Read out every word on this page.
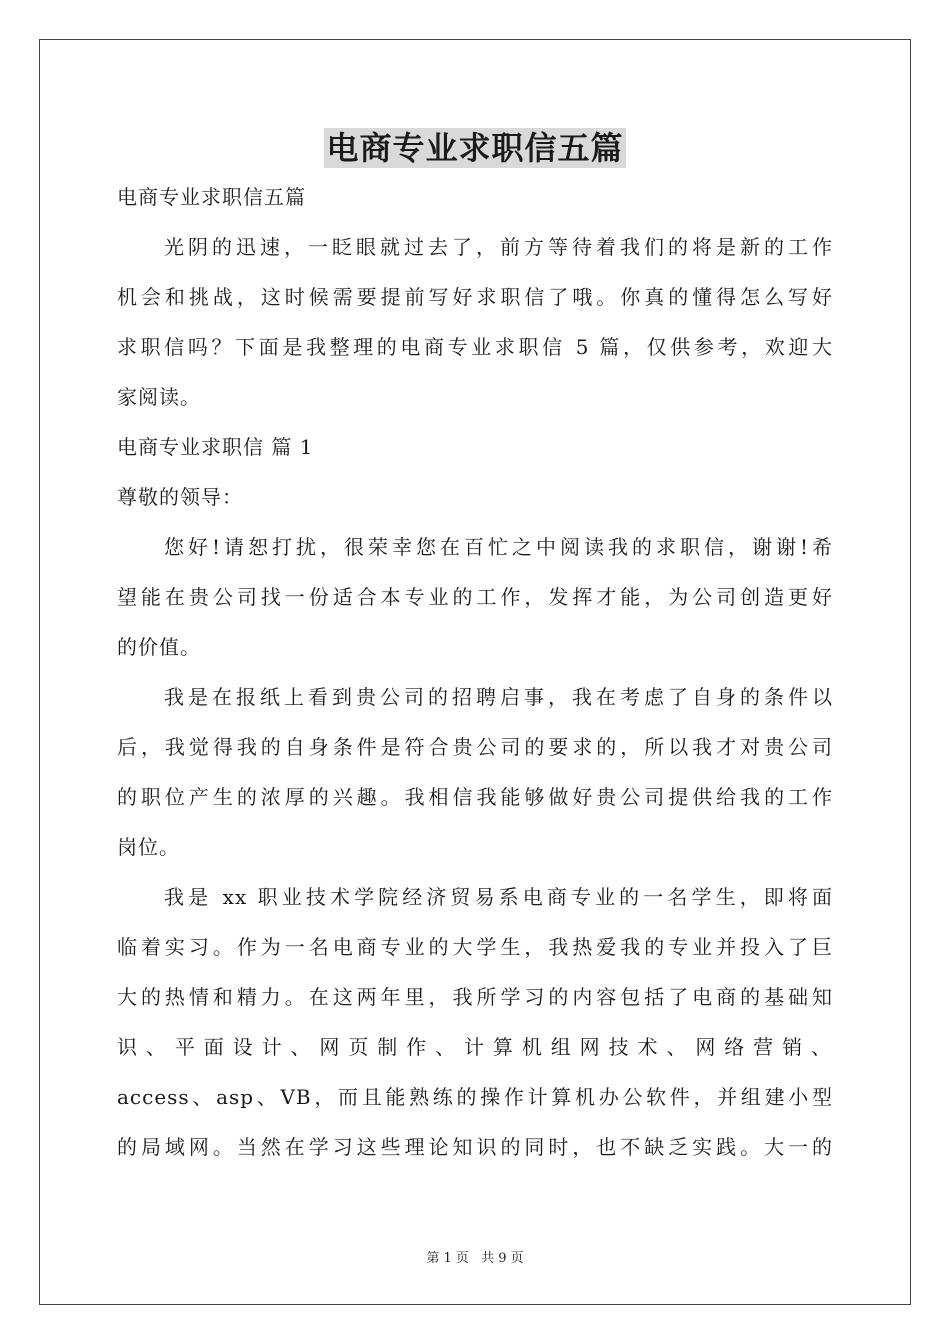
电商专业求职信五篇
电商专业求职信五篇
光阴的迅速，一眨眼就过去了，前方等待着我们的将是新的工作
机会和挑战，这时候需要提前写好求职信了哦。你真的懂得怎么写好
求职信吗？下面是我整理的电商专业求职信 5 篇，仅供参考，欢迎大
家阅读。
电商专业求职信 篇 1
尊敬的领导：
您好!请恕打扰，很荣幸您在百忙之中阅读我的求职信，谢谢!希
望能在贵公司找一份适合本专业的工作，发挥才能，为公司创造更好
的价值。
我是在报纸上看到贵公司的招聘启事，我在考虑了自身的条件以
后，我觉得我的自身条件是符合贵公司的要求的，所以我才对贵公司
的职位产生的浓厚的兴趣。我相信我能够做好贵公司提供给我的工作
岗位。
我是 xx 职业技术学院经济贸易系电商专业的一名学生，即将面
临着实习。作为一名电商专业的大学生，我热爱我的专业并投入了巨
大的热情和精力。在这两年里，我所学习的内容包括了电商的基础知
识、平面设计、网页制作、计算机组网技术、网络营销、
access、asp、VB，而且能熟练的操作计算机办公软件，并组建小型
的局域网。当然在学习这些理论知识的同时，也不缺乏实践。大一的
第 1 页 共 9 页
